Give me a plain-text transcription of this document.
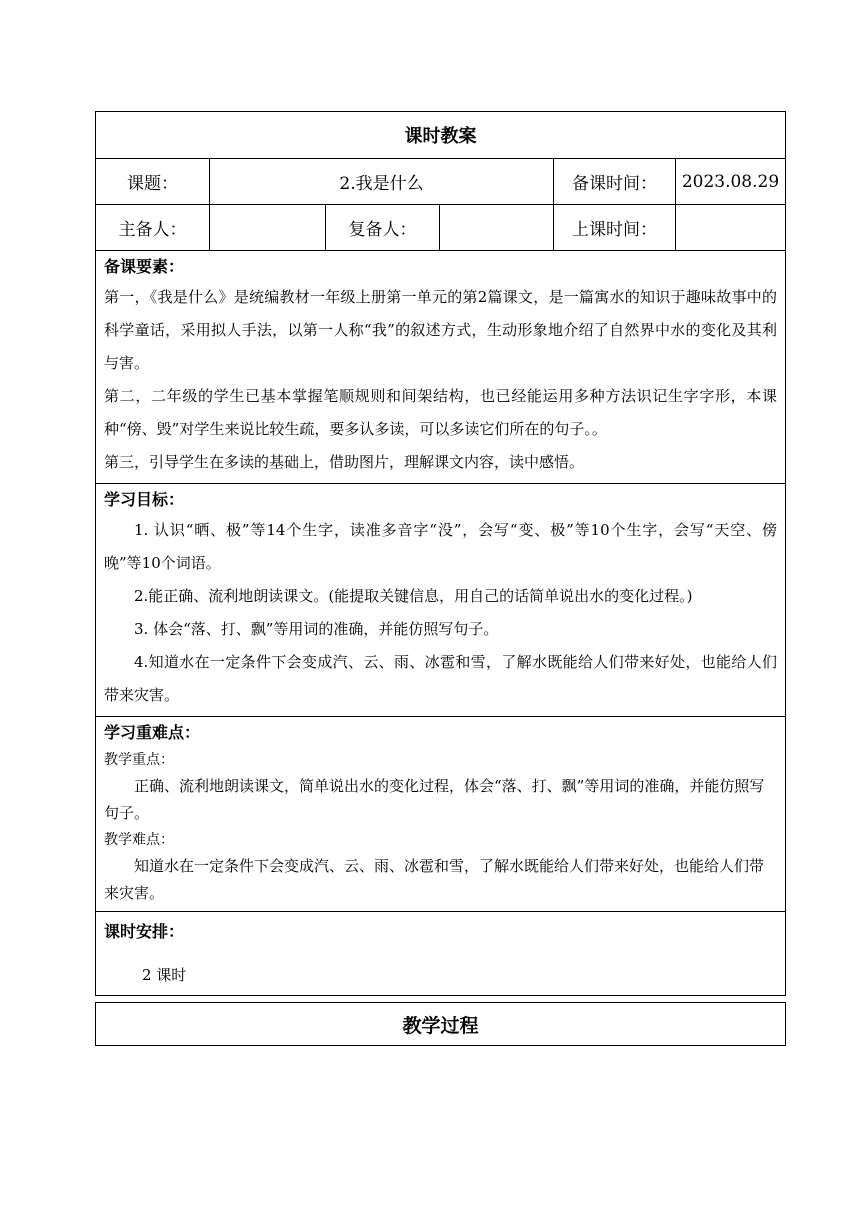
课时教案
课题：	2.我是什么	备课时间：	2023.08.29
主备人：	复备人：	上课时间：
备课要素：

第一，《我是什么》是统编教材一年级上册第一单元的第2篇课文，是一篇寓水的知识于趣味故事中的科学童话，采用拟人手法，以第一人称“我”的叙述方式，生动形象地介绍了自然界中水的变化及其利与害。

第二，二年级的学生已基本掌握笔顺规则和间架结构，也已经能运用多种方法识记生字字形，本课种“傍、毁”对学生来说比较生疏，要多认多读，可以多读它们所在的句子。。

第三，引导学生在多读的基础上，借助图片，理解课文内容，读中感悟。

学习目标：

1. 认识“晒、极”等14个生字，读准多音字“没”，会写“变、极”等10个生字，会写“天空、傍晚”等10个词语。

2.能正确、流利地朗读课文。(能提取关键信息，用自己的话简单说出水的变化过程。)

3. 体会“落、打、飘”等用词的准确，并能仿照写句子。

4.知道水在一定条件下会变成汽、云、雨、冰雹和雪，了解水既能给人们带来好处，也能给人们带来灾害。

学习重难点：

教学重点：

正确、流利地朗读课文，简单说出水的变化过程，体会“落、打、飘”等用词的准确，并能仿照写句子。

教学难点：

知道水在一定条件下会变成汽、云、雨、冰雹和雪，了解水既能给人们带来好处，也能给人们带来灾害。

课时安排：
2 课时
教学过程
